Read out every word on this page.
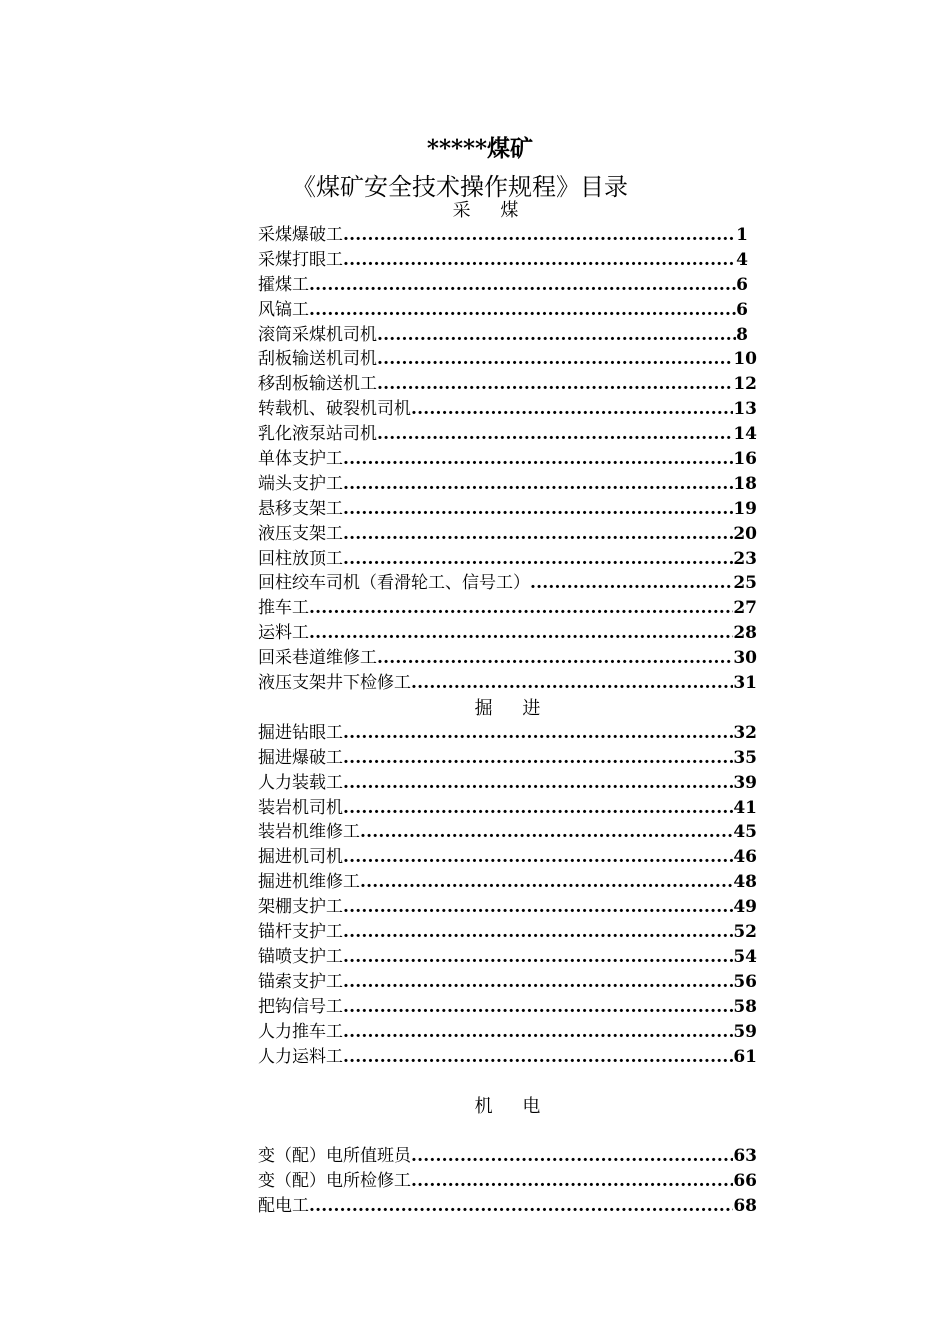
*****煤矿
《煤矿安全技术操作规程》目录
采 煤
采煤爆破工 .....	1
采煤打眼工 .....	4
攉煤工 .....	6
风镐工 .....	6
滚筒采煤机司机 .....	8
刮板输送机司机 .....	10
移刮板输送机工 .....	12
转载机、破裂机司机 .....	13
乳化液泵站司机 .....	14
单体支护工 .....	16
端头支护工 .....	18
悬移支架工 .....	19
液压支架工 .....	20
回柱放顶工 .....	23
回柱绞车司机（看滑轮工、信号工） .....	25
推车工 .....	27
运料工 .....	28
回采巷道维修工 .....	30
液压支架井下检修工 .....	31
掘 进
掘进钻眼工 .....	32
掘进爆破工 .....	35
人力装载工 .....	39
装岩机司机 .....	41
装岩机维修工 .....	45
掘进机司机 .....	46
掘进机维修工 .....	48
架棚支护工 .....	49
锚杆支护工 .....	52
锚喷支护工 .....	54
锚索支护工 .....	56
把钩信号工 .....	58
人力推车工 .....	59
人力运料工 .....	61
机 电
变（配）电所值班员 .....	63
变（配）电所检修工 .....	66
配电工 .....	68
